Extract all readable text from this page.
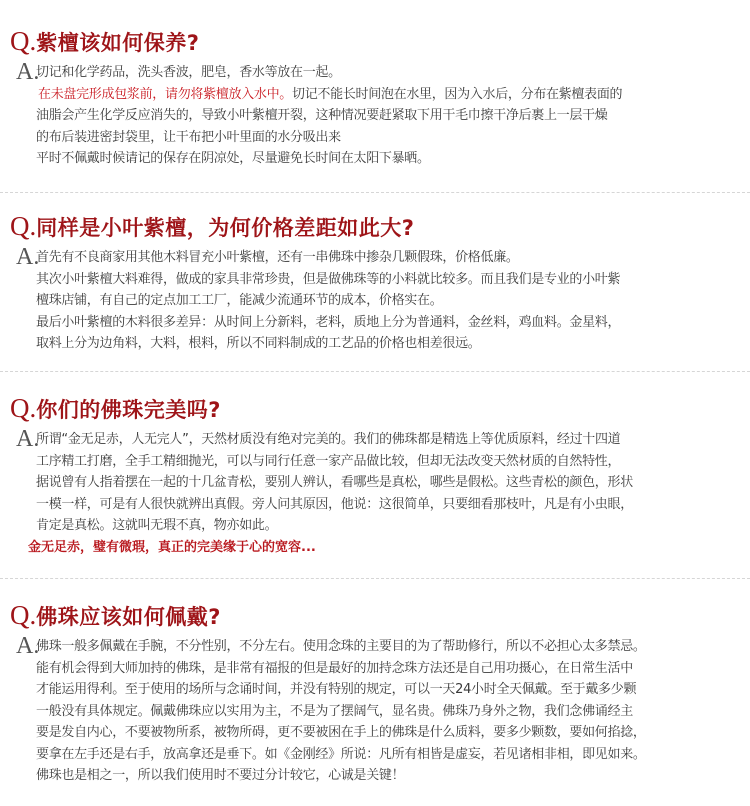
Q.紫檀该如何保养?
A.
切记和化学药品，洗头香波，肥皂，香水等放在一起。
在未盘完形成包浆前，请勿将紫檀放入水中。切记不能长时间泡在水里，因为入水后，分布在紫檀表面的
油脂会产生化学反应消失的，导致小叶紫檀开裂，这种情况要赶紧取下用干毛巾擦干净后裹上一层干燥
的布后装进密封袋里，让干布把小叶里面的水分吸出来
平时不佩戴时候请记的保存在阴凉处，尽量避免长时间在太阳下暴晒。
Q.同样是小叶紫檀，为何价格差距如此大?
A.
首先有不良商家用其他木料冒充小叶紫檀，还有一串佛珠中掺杂几颗假珠，价格低廉。
其次小叶紫檀大料难得，做成的家具非常珍贵，但是做佛珠等的小料就比较多。而且我们是专业的小叶紫
檀珠店铺，有自己的定点加工工厂，能减少流通环节的成本，价格实在。
最后小叶紫檀的木料很多差异：从时间上分新料，老料，质地上分为普通料，金丝料，鸡血料。金星料，
取料上分为边角料，大料，根料，所以不同料制成的工艺品的价格也相差很远。
Q.你们的佛珠完美吗?
A.
所谓“金无足赤，人无完人”，天然材质没有绝对完美的。我们的佛珠都是精选上等优质原料，经过十四道
工序精工打磨，全手工精细抛光，可以与同行任意一家产品做比较，但却无法改变天然材质的自然特性，
据说曾有人指着摆在一起的十几盆青松，要别人辨认，看哪些是真松，哪些是假松。这些青松的颜色，形状
一模一样，可是有人很快就辨出真假。旁人问其原因，他说：这很简单，只要细看那枝叶，凡是有小虫眼，
肯定是真松。这就叫无瑕不真，物亦如此。
金无足赤，璧有微瑕，真正的完美缘于心的宽容...
Q.佛珠应该如何佩戴?
A.
佛珠一般多佩戴在手腕，不分性别，不分左右。使用念珠的主要目的为了帮助修行，所以不必担心太多禁忌。
能有机会得到大师加持的佛珠，是非常有福报的但是最好的加持念珠方法还是自己用功摄心，在日常生活中
才能运用得利。至于使用的场所与念诵时间，并没有特别的规定，可以一天24小时全天佩戴。至于戴多少颗
一般没有具体规定。佩戴佛珠应以实用为主，不是为了摆阔气，显名贵。佛珠乃身外之物，我们念佛诵经主
要是发自内心，不要被物所系，被物所碍，更不要被困在手上的佛珠是什么质料，要多少颗数，要如何掐捻，
要拿在左手还是右手，放高拿还是垂下。如《金刚经》所说：凡所有相皆是虚妄，若见诸相非相，即见如来。
佛珠也是相之一，所以我们使用时不要过分计较它，心诚是关键！
